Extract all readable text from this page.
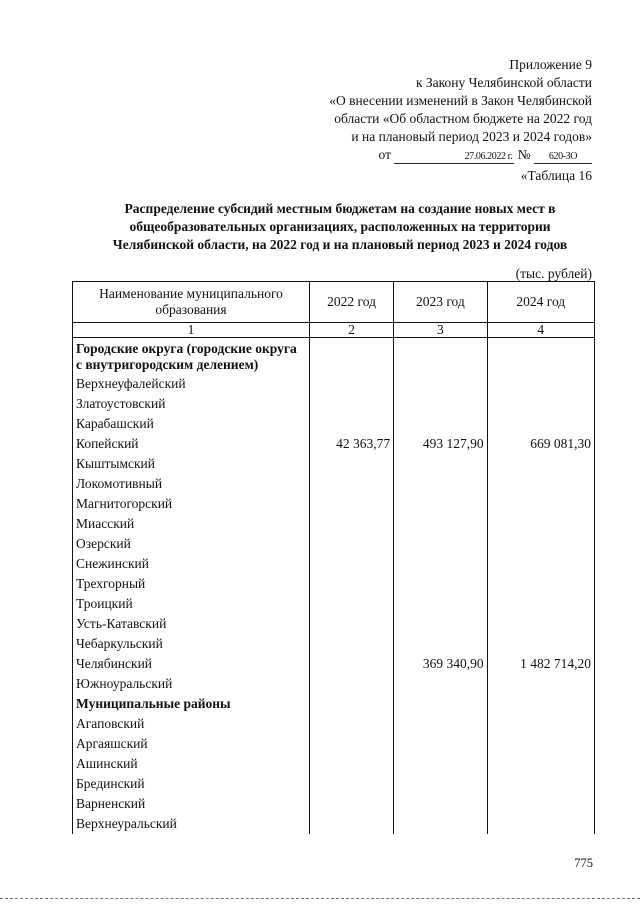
Приложение 9
к Закону Челябинской области
«О внесении изменений в Закон Челябинской
области «Об областном бюджете на 2022 год
и на плановый период 2023 и 2024 годов»
от	27.06.2022 г. № 620-ЗО
«Таблица 16
Распределение субсидий местным бюджетам на создание новых мест в
общеобразовательных организациях, расположенных на территории
Челябинской области, на 2022 год и на плановый период 2023 и 2024 годов
(тыс. рублей)
Наименование муниципального образования	2022 год	2023 год	2024 год
1	2	3	4
Городские округа (городские округа с внутригородским делением)			
Верхнеуфалейский			
Златоустовский			
Карабашский			
Копейский	42 363,77	493 127,90	669 081,30
Кыштымский			
Локомотивный			
Магнитогорский			
Миасский			
Озерский			
Снежинский			
Трехгорный			
Троицкий			
Усть-Катавский			
Чебаркульский			
Челябинский		369 340,90	1 482 714,20
Южноуральский			
Муниципальные районы			
Агаповский			
Аргаяшский			
Ашинский			
Брединский			
Варненский			
Верхнеуральский			
775
